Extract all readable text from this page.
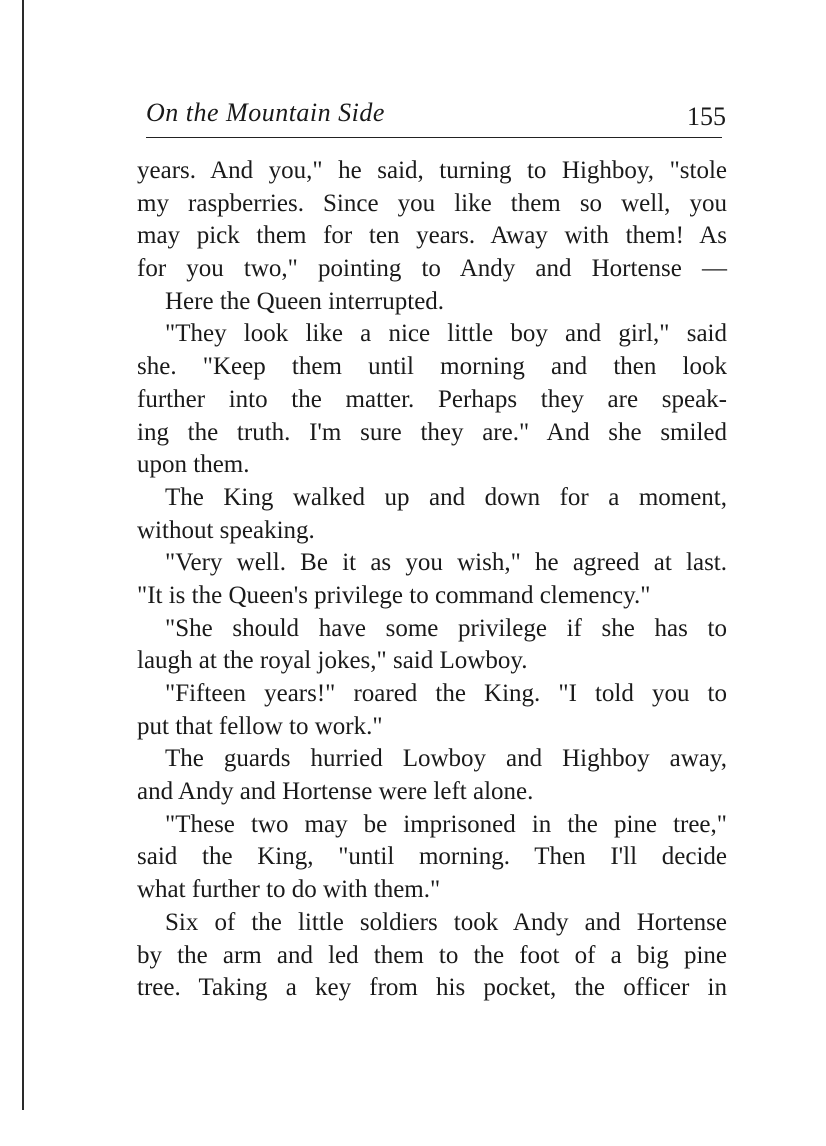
On the Mountain Side	155
years. And you," he said, turning to Highboy, "stole
my raspberries. Since you like them so well, you
may pick them for ten years. Away with them! As
for you two," pointing to Andy and Hortense —
Here the Queen interrupted.
"They look like a nice little boy and girl," said
she. "Keep them until morning and then look
further into the matter. Perhaps they are speak-
ing the truth. I'm sure they are." And she smiled
upon them.
The King walked up and down for a moment,
without speaking.
"Very well. Be it as you wish," he agreed at last.
"It is the Queen's privilege to command clemency."
"She should have some privilege if she has to
laugh at the royal jokes," said Lowboy.
"Fifteen years!" roared the King. "I told you to
put that fellow to work."
The guards hurried Lowboy and Highboy away,
and Andy and Hortense were left alone.
"These two may be imprisoned in the pine tree,"
said the King, "until morning. Then I'll decide
what further to do with them."
Six of the little soldiers took Andy and Hortense
by the arm and led them to the foot of a big pine
tree. Taking a key from his pocket, the officer in
